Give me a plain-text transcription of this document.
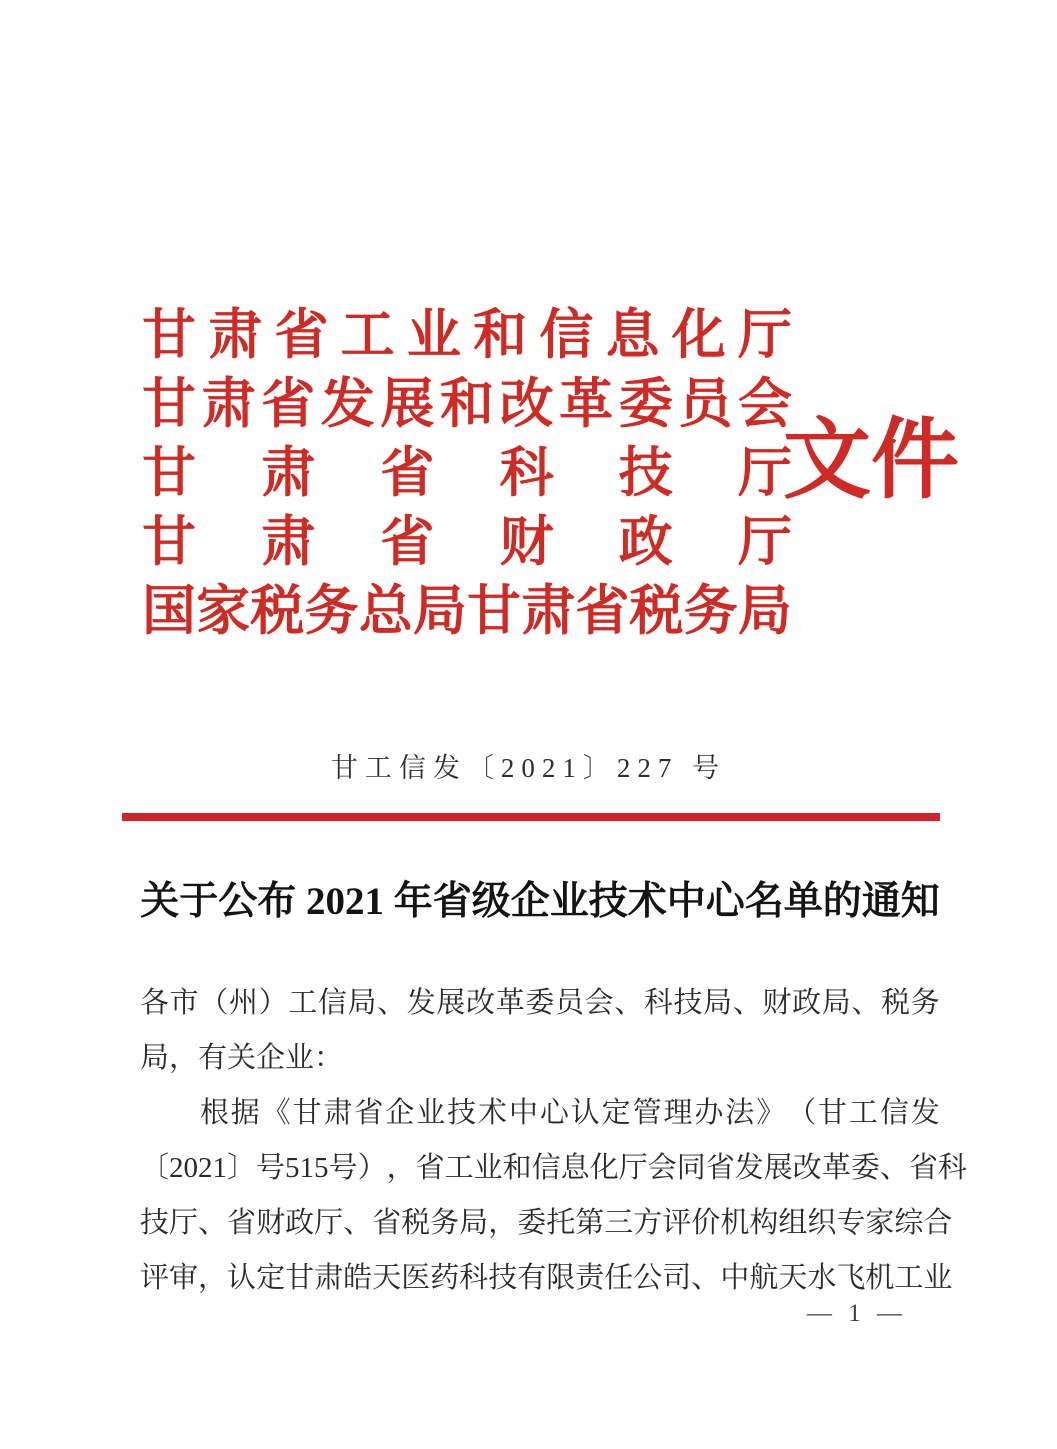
甘 肃 省 工 业 和 信 息 化 厅
甘 肃 省 发 展 和 改 革 委 员 会
甘 肃 省 科 技 厅
甘 肃 省 财 政 厅
国 家 税 务 总 局 甘 肃 省 税 务 局
文件
甘工信发〔2021〕227 号
关于公布 2021 年省级企业技术中心名单的通知
各 市 （ 州 ） 工 信 局 、 发 展 改 革 委 员 会 、 科 技 局 、 财 政 局 、 税 务
局，有关企业：
根 据 《 甘 肃 省 企 业 技 术 中 心 认 定 管 理 办 法 》 （ 甘 工 信 发
〔 2021 〕 号 515 号 ） ， 省 工 业 和 信 息 化 厅 会 同 省 发 展 改 革 委 、 省 科
技 厅 、 省 财 政 厅 、 省 税 务 局 ， 委 托 第 三 方 评 价 机 构 组 织 专 家 综 合
评 审 ， 认 定 甘 肃 皓 天 医 药 科 技 有 限 责 任 公 司 、 中 航 天 水 飞 机 工 业
— 1 —
